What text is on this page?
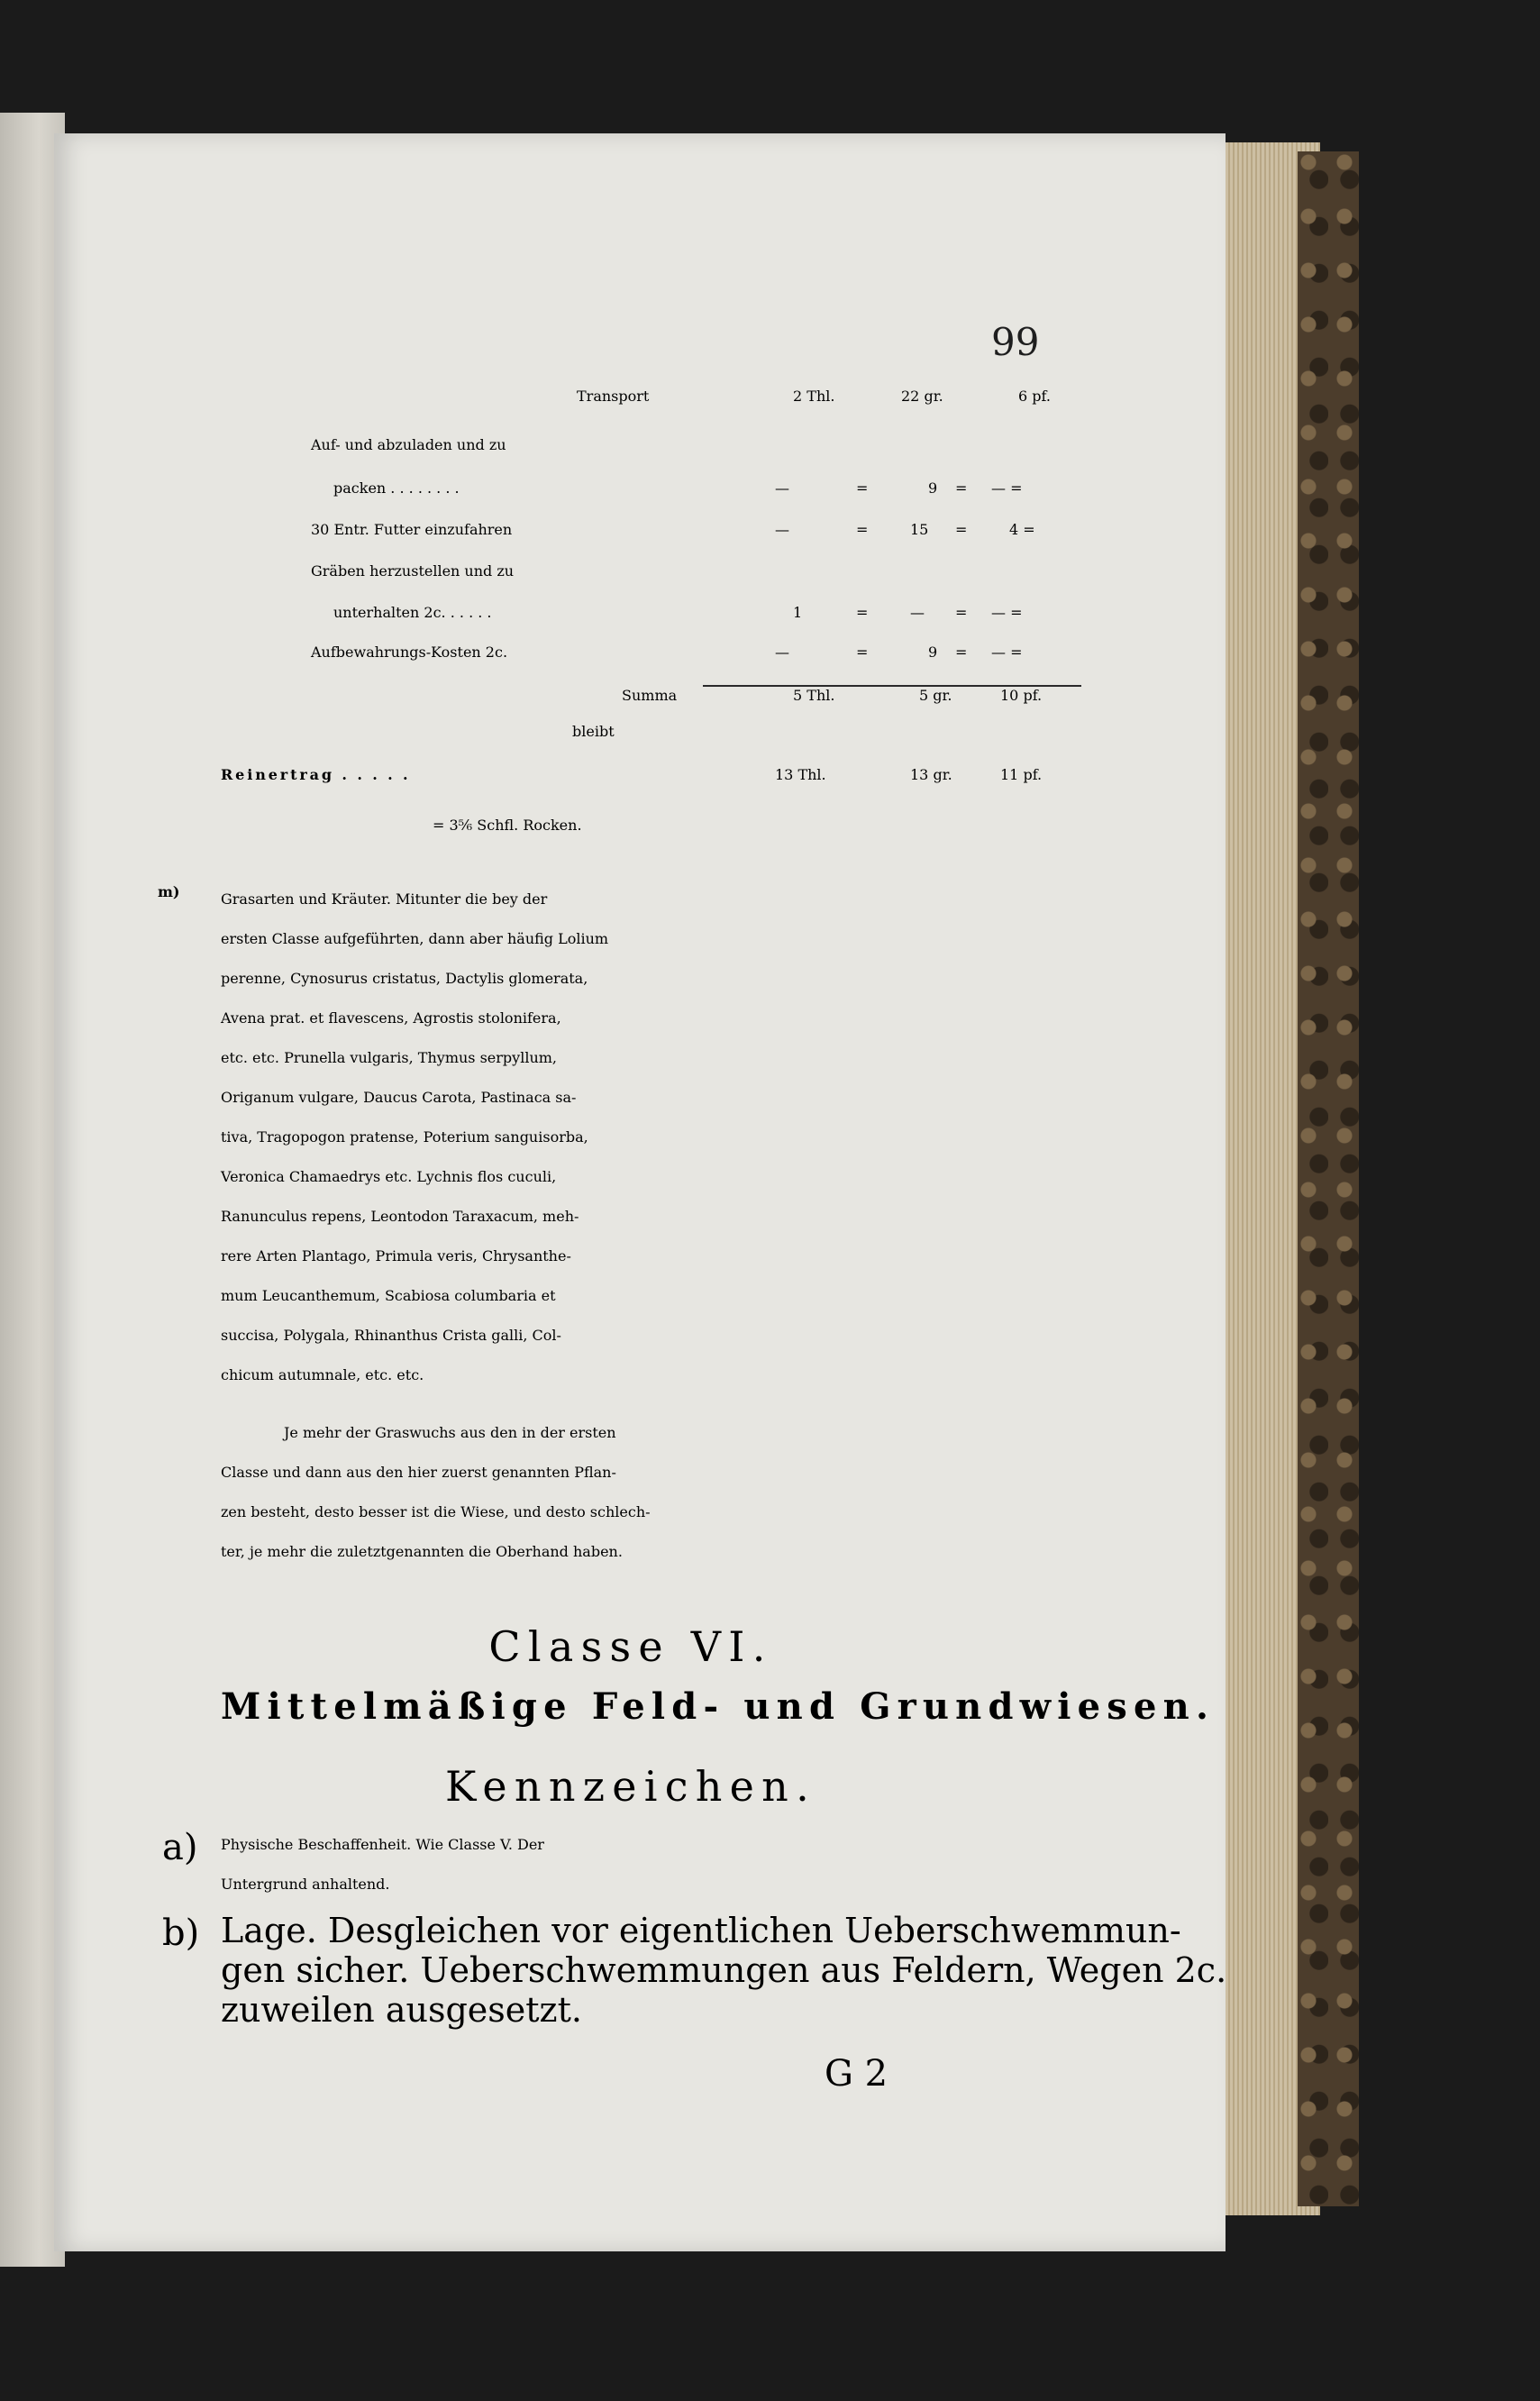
99
Transport	2 Thl.	22 gr.	6 pf.
Auf- und abzuladen und zu
packen . . . . . . . .	—	=	9 = — =
30 Entr. Futter einzufahren	—	=	15 =	4 =
Gräben herzustellen und zu
unterhalten 2c. . . . . .	1	=	— = — =
Aufbewahrungs-Kosten 2c.	—	=	9 = — =
Summa	5 Thl.	5 gr.	10 pf.
bleibt
Reinertrag . . . . .	13 Thl.	13 gr.	11 pf.
= 3⅚ Schfl. Rocken.
m)	Grasarten und Kräuter. Mitunter die bey der
ersten Classe aufgeführten, dann aber häufig Lolium
perenne, Cynosurus cristatus, Dactylis glomerata,
Avena prat. et flavescens, Agrostis stolonifera,
etc. etc. Prunella vulgaris, Thymus serpyllum,
Origanum vulgare, Daucus Carota, Pastinaca sa-
tiva, Tragopogon pratense, Poterium sanguisorba,
Veronica Chamaedrys etc. Lychnis flos cuculi,
Ranunculus repens, Leontodon Taraxacum, meh-
rere Arten Plantago, Primula veris, Chrysanthe-
mum Leucanthemum, Scabiosa columbaria et
succisa, Polygala, Rhinanthus Crista galli, Col-
chicum autumnale, etc. etc.
Je mehr der Graswuchs aus den in der ersten
Classe und dann aus den hier zuerst genannten Pflan-
zen besteht, desto besser ist die Wiese, und desto schlech-
ter, je mehr die zuletztgenannten die Oberhand haben.
Classe VI.
Mittelmäßige Feld- und Grundwiesen.
Kennzeichen.
a) Physische Beschaffenheit. Wie Classe V. Der
Untergrund anhaltend.
b) Lage. Desgleichen vor eigentlichen Ueberschwemmun-
gen sicher. Ueberschwemmungen aus Feldern, Wegen 2c.
zuweilen ausgesetzt.
G 2
